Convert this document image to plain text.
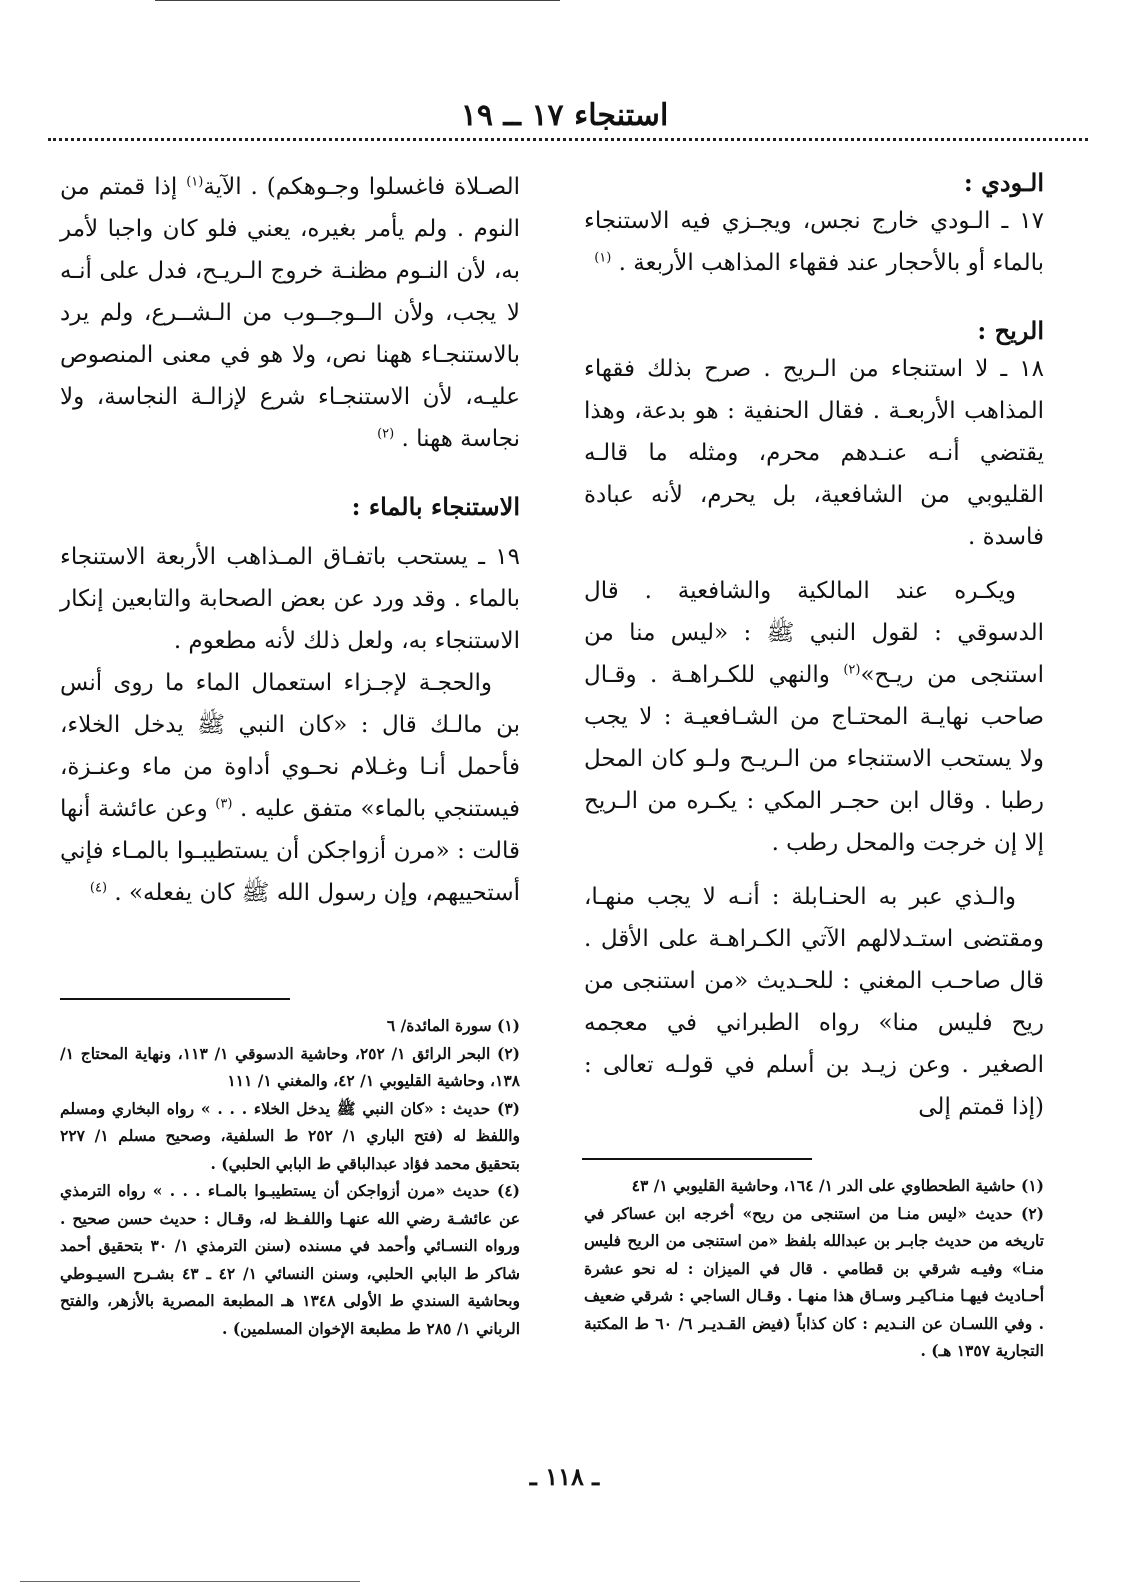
استنجاء ١٧ ــ ١٩

الـودي :

١٧ ـ الـودي خارج نجس، ويجـزي فيه الاستنجاء بالماء أو بالأحجار عند فقهاء المذاهب الأربعة . $^{(١)}$

الريح :

١٨ ـ لا استنجاء من الـريح . صرح بذلك فقهاء المذاهب الأربعـة . فقال الحنفية : هو بدعة، وهذا يقتضي أنـه عنـدهم محرم، ومثله ما قالـه القليوبي من الشافعية، بل يحرم، لأنه عبادة فاسدة .

ويكـره عند المالكية والشافعية . قال الدسوقي : لقول النبي ﷺ : «ليس منا من استنجى من ريـح»$^{(٢)}$ والنهي للكـراهـة . وقـال صاحب نهايـة المحتـاج من الشـافعيـة : لا يجب ولا يستحب الاستنجاء من الـريـح ولـو كان المحل رطبا . وقال ابن حجـر المكي : يكـره من الـريح إلا إن خرجت والمحل رطب .

والـذي عبر به الحنـابلة : أنـه لا يجب منهـا، ومقتضى استـدلالهم الآتي الكـراهـة على الأقل . قال صاحـب المغني : للحـديث «من استنجى من ريح فليس منا» رواه الطبراني في معجمه الصغير . وعن زيـد بن أسلم في قولـه تعالى : (إذا قمتم إلى

الصـلاة فاغسلوا وجـوهكم) . الآية$^{(١)}$ إذا قمتم من النوم . ولم يأمر بغيره، يعني فلو كان واجبا لأمر به، لأن النـوم مظنـة خروج الـريـح، فدل على أنـه لا يجب، ولأن الــوجــوب من الـشــرع، ولم يرد بالاستنجـاء ههنا نص، ولا هو في معنى المنصوص عليـه، لأن الاستنجـاء شرع لإزالـة النجاسة، ولا نجاسة ههنا . $^{(٢)}$

الاستنجاء بالماء :

١٩ ـ يستحب باتفـاق المـذاهب الأربعة الاستنجاء بالماء . وقد ورد عن بعض الصحابة والتابعين إنكار الاستنجاء به، ولعل ذلك لأنه مطعوم .

والحجـة لإجـزاء استعمال الماء ما روى أنس بن مالـك قال : «كان النبي ﷺ يدخل الخلاء، فأحمل أنـا وغـلام نحـوي أداوة من ماء وعنـزة، فيستنجي بالماء» متفق عليه . $^{(٣)}$ وعن عائشة أنها قالت : «مرن أزواجكن أن يستطيبـوا بالمـاء فإني أستحييهم، وإن رسول الله ﷺ كان يفعله» . $^{(٤)}$

(١) حاشية الطحطاوي على الدر ١/ ١٦٤، وحاشية القليوبي ١/ ٤٣

(٢) حديث «ليس منـا من استنجى من ريح» أخرجه ابن عساكر في تاريخه من حديث جابـر بن عبدالله بلفظ «من استنجى من الريح فليس منـا» وفيـه شرقي بن قطامي . قال في الميزان : له نحو عشرة أحـاديث فيهـا منـاكيـر وسـاق هذا منهـا . وقـال الساجي : شرقي ضعيف . وفي اللسـان عن النـديم : كان كذاباً (فيض القـديـر ٦/ ٦٠ ط المكتبة التجارية ١٣٥٧ هـ) .

(١) سورة المائدة/ ٦

(٢) البحر الرائق ١/ ٢٥٢، وحاشية الدسوقي ١/ ١١٣، ونهاية المحتاج ١/ ١٣٨، وحاشية القليوبي ١/ ٤٢، والمغني ١/ ١١١

(٣) حديث : «كان النبي ﷺ يدخل الخلاء . . . » رواه البخاري ومسلم واللفظ له (فتح الباري ١/ ٢٥٢ ط السلفية، وصحيح مسلم ١/ ٢٢٧ بتحقيق محمد فؤاد عبدالباقي ط البابي الحلبي) .

(٤) حديث «مرن أزواجكن أن يستطيبـوا بالمـاء . . . » رواه الترمذي عن عائشـة رضي الله عنهـا واللفـظ له، وقـال : حديث حسن صحيح . ورواه النسـائي وأحمد في مسنده (سنن الترمذي ١/ ٣٠ بتحقيق أحمد شاكر ط البابي الحلبي، وسنن النسائي ١/ ٤٢ ـ ٤٣ بشـرح السيـوطي وبحاشية السندي ط الأولى ١٣٤٨ هـ المطبعة المصرية بالأزهر، والفتح الرباني ١/ ٢٨٥ ط مطبعة الإخوان المسلمين) .

ـ ١١٨ ـ
